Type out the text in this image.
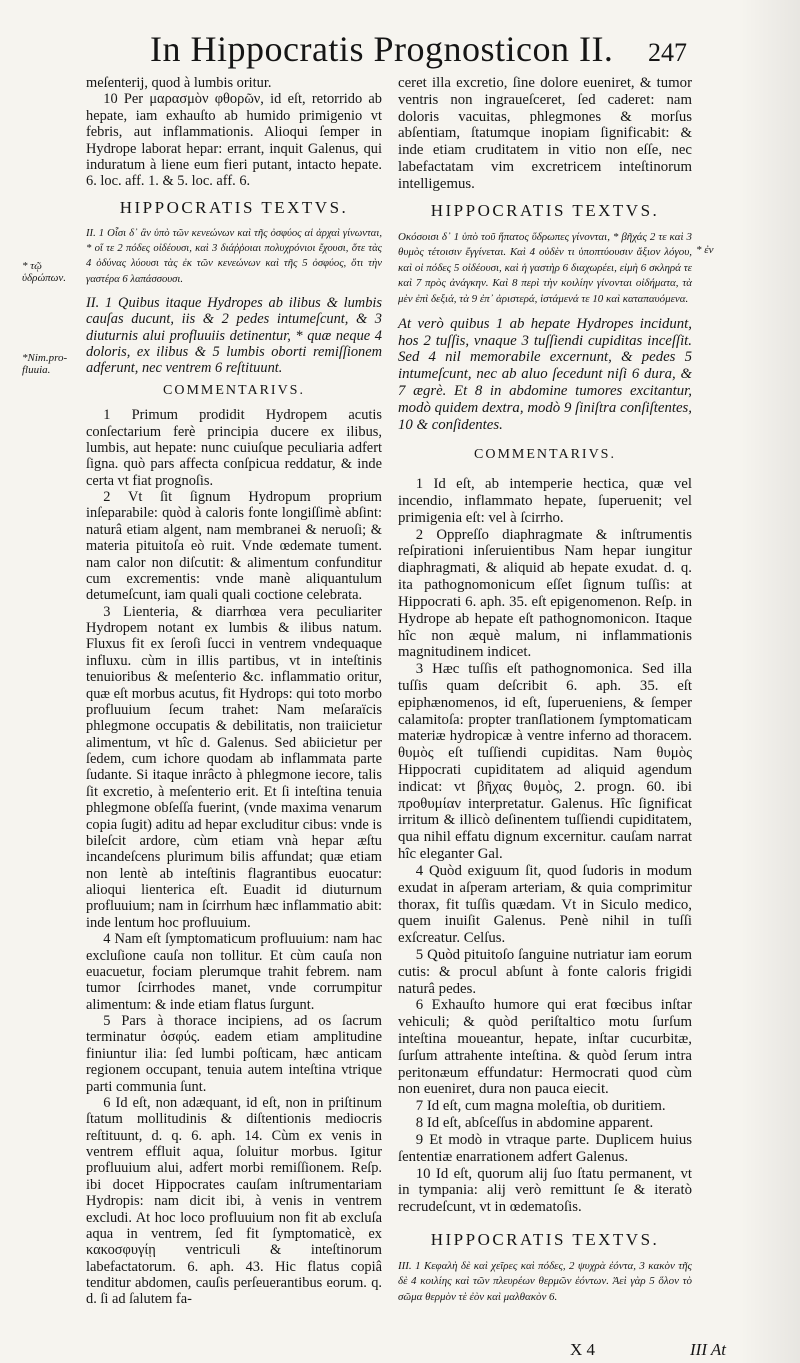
In Hippocratis Prognosticon II. 247
* τῷ ὑδρώπων.
*Nim.pro-fluuia.
* ἐν

meſenterij, quod à lumbis oritur.

10 Per μαρασμὸν φθορῶν, id eſt, retorrido ab hepate, iam exhauſto ab humido primigenio vt febris, aut inflammationis. Alioqui ſemper in Hydrope laborat hepar: errant, inquit Galenus, qui induratum à liene eum fieri putant, intacto hepate. 6. loc. aff. 1. & 5. loc. aff. 6.

HIPPOCRATIS TEXTVS.

II. 1 Οἷσι δ᾽ ἂν ὑπὸ τῶν κενεώνων καὶ τῆς ὀσφύος αἱ ἀρχαὶ γίνωνται, * οἵ τε 2 πόδες οἰδέουσι, καὶ 3 διάῤῥοιαι πολυχρόνιοι ἔχουσι, ὅτε τὰς 4 ὀδύνας λύουσι τὰς ἐκ τῶν κενεώνων καὶ τῆς 5 ὀσφύος, ὅτι τὴν γαστέρα 6 λαπάσσουσι.

II. 1 Quibus itaque Hydropes ab ilibus & lumbis cauſas ducunt, iis & 2 pedes intumeſcunt, & 3 diuturnis alui profluuiis detinentur, * quæ neque 4 doloris, ex ilibus & 5 lumbis oborti remiſſionem adferunt, nec ventrem 6 reſtituunt.

COMMENTARIVS.

1 Primum prodidit Hydropem acutis conſectarium ferè principia ducere ex ilibus, lumbis, aut hepate: nunc cuiuſque peculiaria adfert ſigna. quò pars affecta conſpicua reddatur, & inde certa vt fiat prognoſis.

2 Vt ſit ſignum Hydropum proprium inſeparabile: quòd à caloris fonte longiſſimè abſint: naturâ etiam algent, nam membranei & neruoſi; & materia pituitoſa eò ruit. Vnde œdemate tument. nam calor non diſcutit: & alimentum confunditur cum excrementis: vnde manè aliquantulum detumeſcunt, iam quali quali coctione celebrata.

3 Lienteria, & diarrhœa vera peculiariter Hydropem notant ex lumbis & ilibus natum. Fluxus fit ex ſeroſi ſucci in ventrem vndequaque influxu. cùm in illis partibus, vt in inteſtinis tenuioribus & meſenterio &c. inflammatio oritur, quæ eſt morbus acutus, fit Hydrops: qui toto morbo profluuium ſecum trahet: Nam meſaraïcis phlegmone occupatis & debilitatis, non traiicietur alimentum, vt hîc d. Galenus. Sed abiicietur per ſedem, cum ichore quodam ab inflammata parte ſudante. Si itaque inrâcto à phlegmone iecore, talis ſit excretio, à meſenterio erit. Et ſi inteſtina tenuia phlegmone obſeſſa fuerint, (vnde maxima venarum copia ſugit) aditu ad hepar excluditur cibus: vnde is bileſcit ardore, cùm etiam vnà hepar æſtu incandeſcens plurimum bilis affundat; quæ etiam non lentè ab inteſtinis flagrantibus euocatur: alioqui lienterica eſt. Euadit id diuturnum profluuium; nam in ſcirrhum hæc inflammatio abit: inde lentum hoc profluuium.

4 Nam eſt ſymptomaticum profluuium: nam hac excluſione cauſa non tollitur. Et cùm cauſa non euacuetur, fociam plerumque trahit febrem. nam tumor ſcirrhodes manet, vnde corrumpitur alimentum: & inde etiam flatus ſurgunt.

5 Pars à thorace incipiens, ad os ſacrum terminatur ὀσφύς. eadem etiam amplitudine finiuntur ilia: ſed lumbi poſticam, hæc anticam regionem occupant, tenuia autem inteſtina vtrique parti communia ſunt.

6 Id eſt, non adæquant, id eſt, non in priſtinum ſtatum mollitudinis & diſtentionis mediocris reſtituunt, d. q. 6. aph. 14. Cùm ex venis in ventrem effluit aqua, ſoluitur morbus. Igitur profluuium alui, adfert morbi remiſſionem. Reſp. ibi docet Hippocrates cauſam inſtrumentariam Hydropis: nam dicit ibi, à venis in ventrem excludi. At hoc loco profluuium non fit ab excluſa aqua in ventrem, ſed fit ſymptomaticè, ex κακοσφυγίῃ ventriculi & inteſtinorum labefactatorum. 6. aph. 43. Hic flatus copiâ tenditur abdomen, cauſis perſeuerantibus eorum. q. d. ſi ad ſalutem fa-

ceret illa excretio, ſine dolore eueniret, & tumor ventris non ingraueſceret, ſed caderet: nam doloris vacuitas, phlegmones & morſus abſentiam, ſtatumque inopiam ſignificabit: & inde etiam cruditatem in vitio non eſſe, nec labefactatam vim excretricem inteſtinorum intelligemus.

HIPPOCRATIS TEXTVS.

Οκόσοισι δ᾽ 1 ὑπὸ τοῦ ἥπατος ὕδρωπες γίνονται, * βῆχάς 2 τε καὶ 3 θυμὸς τέτοισιν ἔγγίνεται. Καὶ 4 οὐδὲν τι ὑποπτύουσιν ἄξιον λόγου, καὶ οἱ πόδες 5 οἰδέουσι, καὶ ἡ γαστὴρ 6 διαχωρέει, εἰμὴ 6 σκληρά τε καὶ 7 πρὸς ἀνάγκην. Καὶ 8 περὶ τὴν κοιλίην γίνονται οἰδήματα, τὰ μὲν ἐπὶ δεξιά, τὰ 9 ἐπ᾽ ἀριστερά, ἱστάμενά τε 10 καὶ καταπαυόμενα.

At verò quibus 1 ab hepate Hydropes incidunt, hos 2 tuſſis, vnaque 3 tuſſiendi cupiditas inceſſit. Sed 4 nil memorabile excernunt, & pedes 5 intumeſcunt, nec ab aluo ſecedunt niſi 6 dura, & 7 ægrè. Et 8 in abdomine tumores excitantur, modò quidem dextra, modò 9 ſiniſtra conſiſtentes, 10 & conſidentes.

COMMENTARIVS.

1 Id eſt, ab intemperie hectica, quæ vel incendio, inflammato hepate, ſuperuenit; vel primigenia eſt: vel à ſcirrho.

2 Oppreſſo diaphragmate & inſtrumentis reſpirationi inſeruientibus Nam hepar iungitur diaphragmati, & aliquid ab hepate exudat. d. q. ita pathognomonicum eſſet ſignum tuſſis: at Hippocrati 6. aph. 35. eſt epigenomenon. Reſp. in Hydrope ab hepate eſt pathognomonicon. Itaque hîc non æquè malum, ni inflammationis magnitudinem indicet.

3 Hæc tuſſis eſt pathognomonica. Sed illa tuſſis quam deſcribit 6. aph. 35. eſt epiphænomenos, id eſt, ſuperueniens, & ſemper calamitoſa: propter tranſlationem ſymptomaticam materiæ hydropicæ à ventre inferno ad thoracem. θυμὸς eſt tuſſiendi cupiditas. Nam θυμὸς Hippocrati cupiditatem ad aliquid agendum indicat: vt βῆχας θυμὸς, 2. progn. 60. ibi προθυμίαν interpretatur. Galenus. Hîc ſignificat irritum & illicò deſinentem tuſſiendi cupiditatem, qua nihil effatu dignum excernitur. cauſam narrat hîc eleganter Gal.

4 Quòd exiguum ſit, quod ſudoris in modum exudat in aſperam arteriam, & quia comprimitur thorax, fit tuſſis quædam. Vt in Siculo medico, quem inuiſit Galenus. Penè nihil in tuſſi exſcreatur. Celſus.

5 Quòd pituitoſo ſanguine nutriatur iam eorum cutis: & procul abſunt à fonte caloris frigidi naturâ pedes.

6 Exhauſto humore qui erat fœcibus inſtar vehiculi; & quòd periſtaltico motu ſurſum inteſtina moueantur, hepate, inſtar cucurbitæ, ſurſum attrahente inteſtina. & quòd ſerum intra peritonæum effundatur: Hermocrati quod cùm non eueniret, dura non pauca eiecit.

7 Id eſt, cum magna moleſtia, ob duritiem.

8 Id eſt, abſceſſus in abdomine apparent.

9 Et modò in vtraque parte. Duplicem huius ſententiæ enarrationem adfert Galenus.

10 Id eſt, quorum alij ſuo ſtatu permanent, vt in tympania: alij verò remittunt ſe & iteratò recrudeſcunt, vt in œdematoſis.

HIPPOCRATIS TEXTVS.

III. 1 Κεφαλὴ δὲ καὶ χεῖρες καὶ πόδες, 2 ψυχρὰ ἐόντα, 3 κακὸν τῆς δὲ 4 κοιλίης καὶ τῶν πλευρέων θερμῶν ἐόντων. Ἀεὶ γὰρ 5 ὅλον τὸ σῶμα θερμὸν τὲ ἐὸν καὶ μαλθακὸν 6.

X 4	III At
